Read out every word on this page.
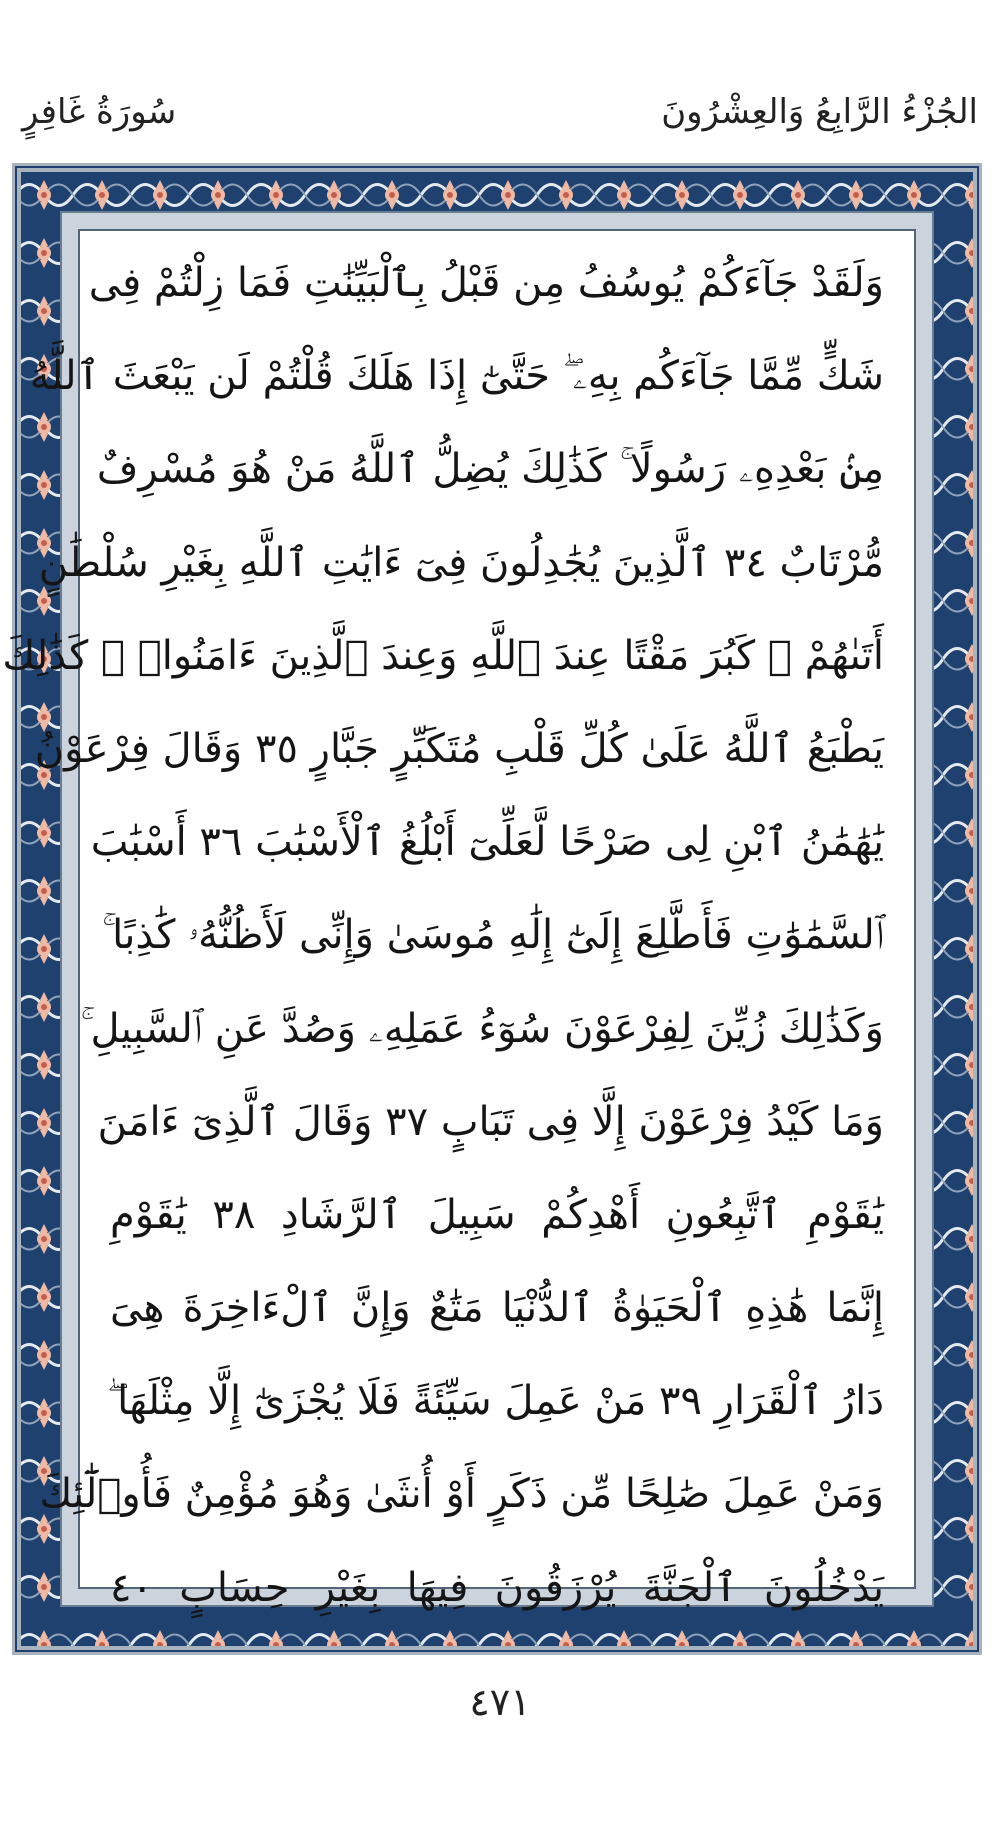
الجُزْءُ الرَّابِعُ وَالعِشْرُونَ
سُورَةُ غَافِرٍ
وَلَقَدْ جَآءَكُمْ يُوسُفُ مِن قَبْلُ بِٱلْبَيِّنَٰتِ فَمَا زِلْتُمْ فِى
شَكٍّ مِّمَّا جَآءَكُم بِهِۦ ۖ حَتَّىٰٓ إِذَا هَلَكَ قُلْتُمْ لَن يَبْعَثَ ٱللَّهُ
مِنۢ بَعْدِهِۦ رَسُولًا ۚ كَذَٰلِكَ يُضِلُّ ٱللَّهُ مَنْ هُوَ مُسْرِفٌ
مُّرْتَابٌ ٣٤ ٱلَّذِينَ يُجَٰدِلُونَ فِىٓ ءَايَٰتِ ٱللَّهِ بِغَيْرِ سُلْطَٰنٍ
أَتَىٰهُمْ ۖ كَبُرَ مَقْتًا عِندَ ٱللَّهِ وَعِندَ ٱلَّذِينَ ءَامَنُوا۟ ۚ كَذَٰلِكَ
يَطْبَعُ ٱللَّهُ عَلَىٰ كُلِّ قَلْبِ مُتَكَبِّرٍ جَبَّارٍ ٣٥ وَقَالَ فِرْعَوْنُ
يَٰهَٰمَٰنُ ٱبْنِ لِى صَرْحًا لَّعَلِّىٓ أَبْلُغُ ٱلْأَسْبَٰبَ ٣٦ أَسْبَٰبَ
ٱلسَّمَٰوَٰتِ فَأَطَّلِعَ إِلَىٰٓ إِلَٰهِ مُوسَىٰ وَإِنِّى لَأَظُنُّهُۥ كَٰذِبًا ۚ
وَكَذَٰلِكَ زُيِّنَ لِفِرْعَوْنَ سُوٓءُ عَمَلِهِۦ وَصُدَّ عَنِ ٱلسَّبِيلِ ۚ
وَمَا كَيْدُ فِرْعَوْنَ إِلَّا فِى تَبَابٍ ٣٧ وَقَالَ ٱلَّذِىٓ ءَامَنَ
يَٰقَوْمِ ٱتَّبِعُونِ أَهْدِكُمْ سَبِيلَ ٱلرَّشَادِ ٣٨ يَٰقَوْمِ
إِنَّمَا هَٰذِهِ ٱلْحَيَوٰةُ ٱلدُّنْيَا مَتَٰعٌ وَإِنَّ ٱلْءَاخِرَةَ هِىَ
دَارُ ٱلْقَرَارِ ٣٩ مَنْ عَمِلَ سَيِّئَةً فَلَا يُجْزَىٰٓ إِلَّا مِثْلَهَا ۖ
وَمَنْ عَمِلَ صَٰلِحًا مِّن ذَكَرٍ أَوْ أُنثَىٰ وَهُوَ مُؤْمِنٌ فَأُو۟لَٰٓئِكَ
يَدْخُلُونَ ٱلْجَنَّةَ يُرْزَقُونَ فِيهَا بِغَيْرِ حِسَابٍ ٤٠
٤٧١
